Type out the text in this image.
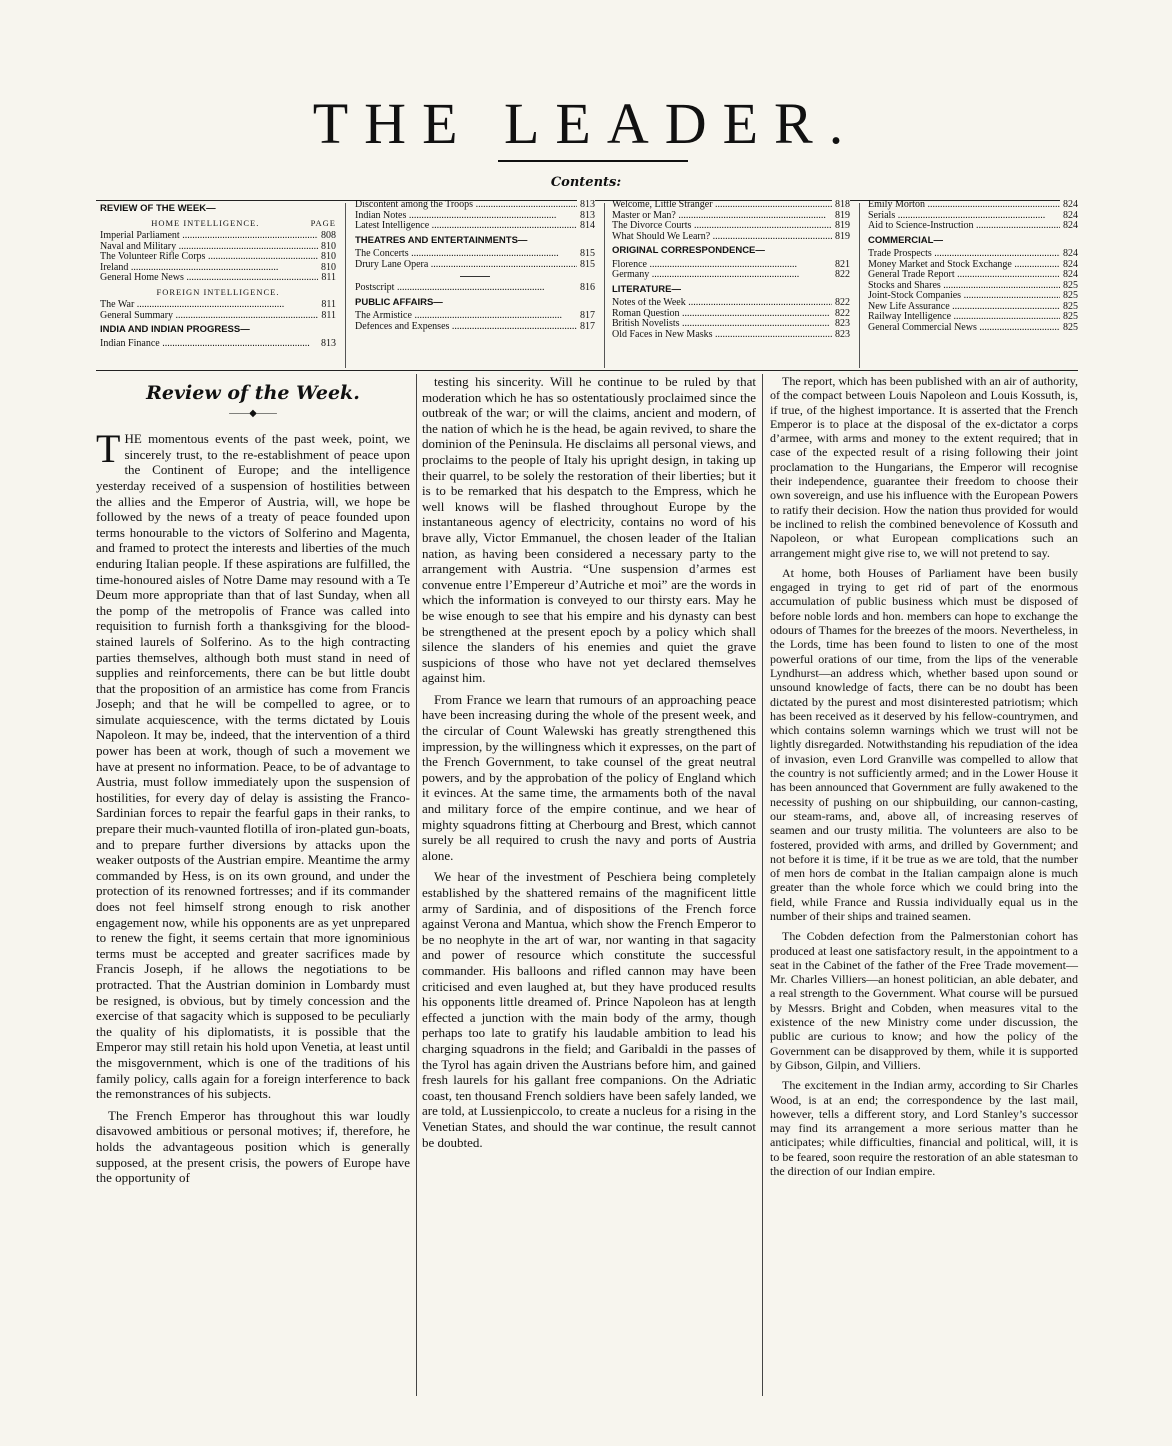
THE LEADER.
Contents:
REVIEW OF THE WEEK—
HOME INTELLIGENCE.	PAGE
Imperial Parliament .....	808
Naval and Military .....	810
The Volunteer Rifle Corps .....	810
Ireland .....	810
General Home News .....	811
FOREIGN INTELLIGENCE.
The War .....	811
General Summary .....	811
INDIA AND INDIAN PROGRESS—
Indian Finance .....	813
Discontent among the Troops .....	813
Indian Notes .....	813
Latest Intelligence .....	814
THEATRES AND ENTERTAINMENTS—
The Concerts .....	815
Drury Lane Opera .....	815
Postscript .....	816
PUBLIC AFFAIRS—
The Armistice .....	817
Defences and Expenses .....	817
Welcome, Little Stranger .....	818
Master or Man? .....	819
The Divorce Courts .....	819
What Should We Learn? .....	819
ORIGINAL CORRESPONDENCE—
Florence .....	821
Germany .....	822
LITERATURE—
Notes of the Week .....	822
Roman Question .....	822
British Novelists .....	823
Old Faces in New Masks .....	823
Emily Morton .....	824
Serials .....	824
Aid to Science-Instruction .....	824
COMMERCIAL—
Trade Prospects .....	824
Money Market and Stock Exchange .....	824
General Trade Report .....	824
Stocks and Shares .....	825
Joint-Stock Companies .....	825
New Life Assurance .....	825
Railway Intelligence .....	825
General Commercial News .....	825
Review of the Week.
——◆——
T HE momentous events of the past week, point, we sincerely trust, to the re-establishment of peace upon the Continent of Europe; and the intelligence yesterday received of a suspension of hostilities between the allies and the Emperor of Austria, will, we hope be followed by the news of a treaty of peace founded upon terms honourable to the victors of Solferino and Magenta, and framed to protect the interests and liberties of the much enduring Italian people. If these aspirations are fulfilled, the time-honoured aisles of Notre Dame may resound with a Te Deum more appropriate than that of last Sunday, when all the pomp of the metropolis of France was called into requisition to furnish forth a thanksgiving for the blood-stained laurels of Solferino. As to the high contracting parties themselves, although both must stand in need of supplies and reinforcements, there can be but little doubt that the proposition of an armistice has come from Francis Joseph; and that he will be compelled to agree, or to simulate acquiescence, with the terms dictated by Louis Napoleon. It may be, indeed, that the intervention of a third power has been at work, though of such a movement we have at present no information. Peace, to be of advantage to Austria, must follow immediately upon the suspension of hostilities, for every day of delay is assisting the Franco-Sardinian forces to repair the fearful gaps in their ranks, to prepare their much-vaunted flotilla of iron-plated gun-boats, and to prepare further diversions by attacks upon the weaker outposts of the Austrian empire. Meantime the army commanded by Hess, is on its own ground, and under the protection of its renowned fortresses; and if its commander does not feel himself strong enough to risk another engagement now, while his opponents are as yet unprepared to renew the fight, it seems certain that more ignominious terms must be accepted and greater sacrifices made by Francis Joseph, if he allows the negotiations to be protracted. That the Austrian dominion in Lombardy must be resigned, is obvious, but by timely concession and the exercise of that sagacity which is supposed to be peculiarly the quality of his diplomatists, it is possible that the Emperor may still retain his hold upon Venetia, at least until the misgovernment, which is one of the traditions of his family policy, calls again for a foreign interference to back the remonstrances of his subjects.

The French Emperor has throughout this war loudly disavowed ambitious or personal motives; if, therefore, he holds the advantageous position which is generally supposed, at the present crisis, the powers of Europe have the opportunity of

testing his sincerity. Will he continue to be ruled by that moderation which he has so ostentatiously proclaimed since the outbreak of the war; or will the claims, ancient and modern, of the nation of which he is the head, be again revived, to share the dominion of the Peninsula. He disclaims all personal views, and proclaims to the people of Italy his upright design, in taking up their quarrel, to be solely the restoration of their liberties; but it is to be remarked that his despatch to the Empress, which he well knows will be flashed throughout Europe by the instantaneous agency of electricity, contains no word of his brave ally, Victor Emmanuel, the chosen leader of the Italian nation, as having been considered a necessary party to the arrangement with Austria. “Une suspension d’armes est convenue entre l’Empereur d’Autriche et moi” are the words in which the information is conveyed to our thirsty ears. May he be wise enough to see that his empire and his dynasty can best be strengthened at the present epoch by a policy which shall silence the slanders of his enemies and quiet the grave suspicions of those who have not yet declared themselves against him.

From France we learn that rumours of an approaching peace have been increasing during the whole of the present week, and the circular of Count Walewski has greatly strengthened this impression, by the willingness which it expresses, on the part of the French Government, to take counsel of the great neutral powers, and by the approbation of the policy of England which it evinces. At the same time, the armaments both of the naval and military force of the empire continue, and we hear of mighty squadrons fitting at Cherbourg and Brest, which cannot surely be all required to crush the navy and ports of Austria alone.

We hear of the investment of Peschiera being completely established by the shattered remains of the magnificent little army of Sardinia, and of dispositions of the French force against Verona and Mantua, which show the French Emperor to be no neophyte in the art of war, nor wanting in that sagacity and power of resource which constitute the successful commander. His balloons and rifled cannon may have been criticised and even laughed at, but they have produced results his opponents little dreamed of. Prince Napoleon has at length effected a junction with the main body of the army, though perhaps too late to gratify his laudable ambition to lead his charging squadrons in the field; and Garibaldi in the passes of the Tyrol has again driven the Austrians before him, and gained fresh laurels for his gallant free companions. On the Adriatic coast, ten thousand French soldiers have been safely landed, we are told, at Lussienpiccolo, to create a nucleus for a rising in the Venetian States, and should the war continue, the result cannot be doubted.

The report, which has been published with an air of authority, of the compact between Louis Napoleon and Louis Kossuth, is, if true, of the highest importance. It is asserted that the French Emperor is to place at the disposal of the ex-dictator a corps d’armee, with arms and money to the extent required; that in case of the expected result of a rising following their joint proclamation to the Hungarians, the Emperor will recognise their independence, guarantee their freedom to choose their own sovereign, and use his influence with the European Powers to ratify their decision. How the nation thus provided for would be inclined to relish the combined benevolence of Kossuth and Napoleon, or what European complications such an arrangement might give rise to, we will not pretend to say.

At home, both Houses of Parliament have been busily engaged in trying to get rid of part of the enormous accumulation of public business which must be disposed of before noble lords and hon. members can hope to exchange the odours of Thames for the breezes of the moors. Nevertheless, in the Lords, time has been found to listen to one of the most powerful orations of our time, from the lips of the venerable Lyndhurst—an address which, whether based upon sound or unsound knowledge of facts, there can be no doubt has been dictated by the purest and most disinterested patriotism; which has been received as it deserved by his fellow-countrymen, and which contains solemn warnings which we trust will not be lightly disregarded. Notwithstanding his repudiation of the idea of invasion, even Lord Granville was compelled to allow that the country is not sufficiently armed; and in the Lower House it has been announced that Government are fully awakened to the necessity of pushing on our shipbuilding, our cannon-casting, our steam-rams, and, above all, of increasing reserves of seamen and our trusty militia. The volunteers are also to be fostered, provided with arms, and drilled by Government; and not before it is time, if it be true as we are told, that the number of men hors de combat in the Italian campaign alone is much greater than the whole force which we could bring into the field, while France and Russia individually equal us in the number of their ships and trained seamen.

The Cobden defection from the Palmerstonian cohort has produced at least one satisfactory result, in the appointment to a seat in the Cabinet of the father of the Free Trade movement—Mr. Charles Villiers—an honest politician, an able debater, and a real strength to the Government. What course will be pursued by Messrs. Bright and Cobden, when measures vital to the existence of the new Ministry come under discussion, the public are curious to know; and how the policy of the Government can be disapproved by them, while it is supported by Gibson, Gilpin, and Villiers.

The excitement in the Indian army, according to Sir Charles Wood, is at an end; the correspondence by the last mail, however, tells a different story, and Lord Stanley’s successor may find its arrangement a more serious matter than he anticipates; while difficulties, financial and political, will, it is to be feared, soon require the restoration of an able statesman to the direction of our Indian empire.
